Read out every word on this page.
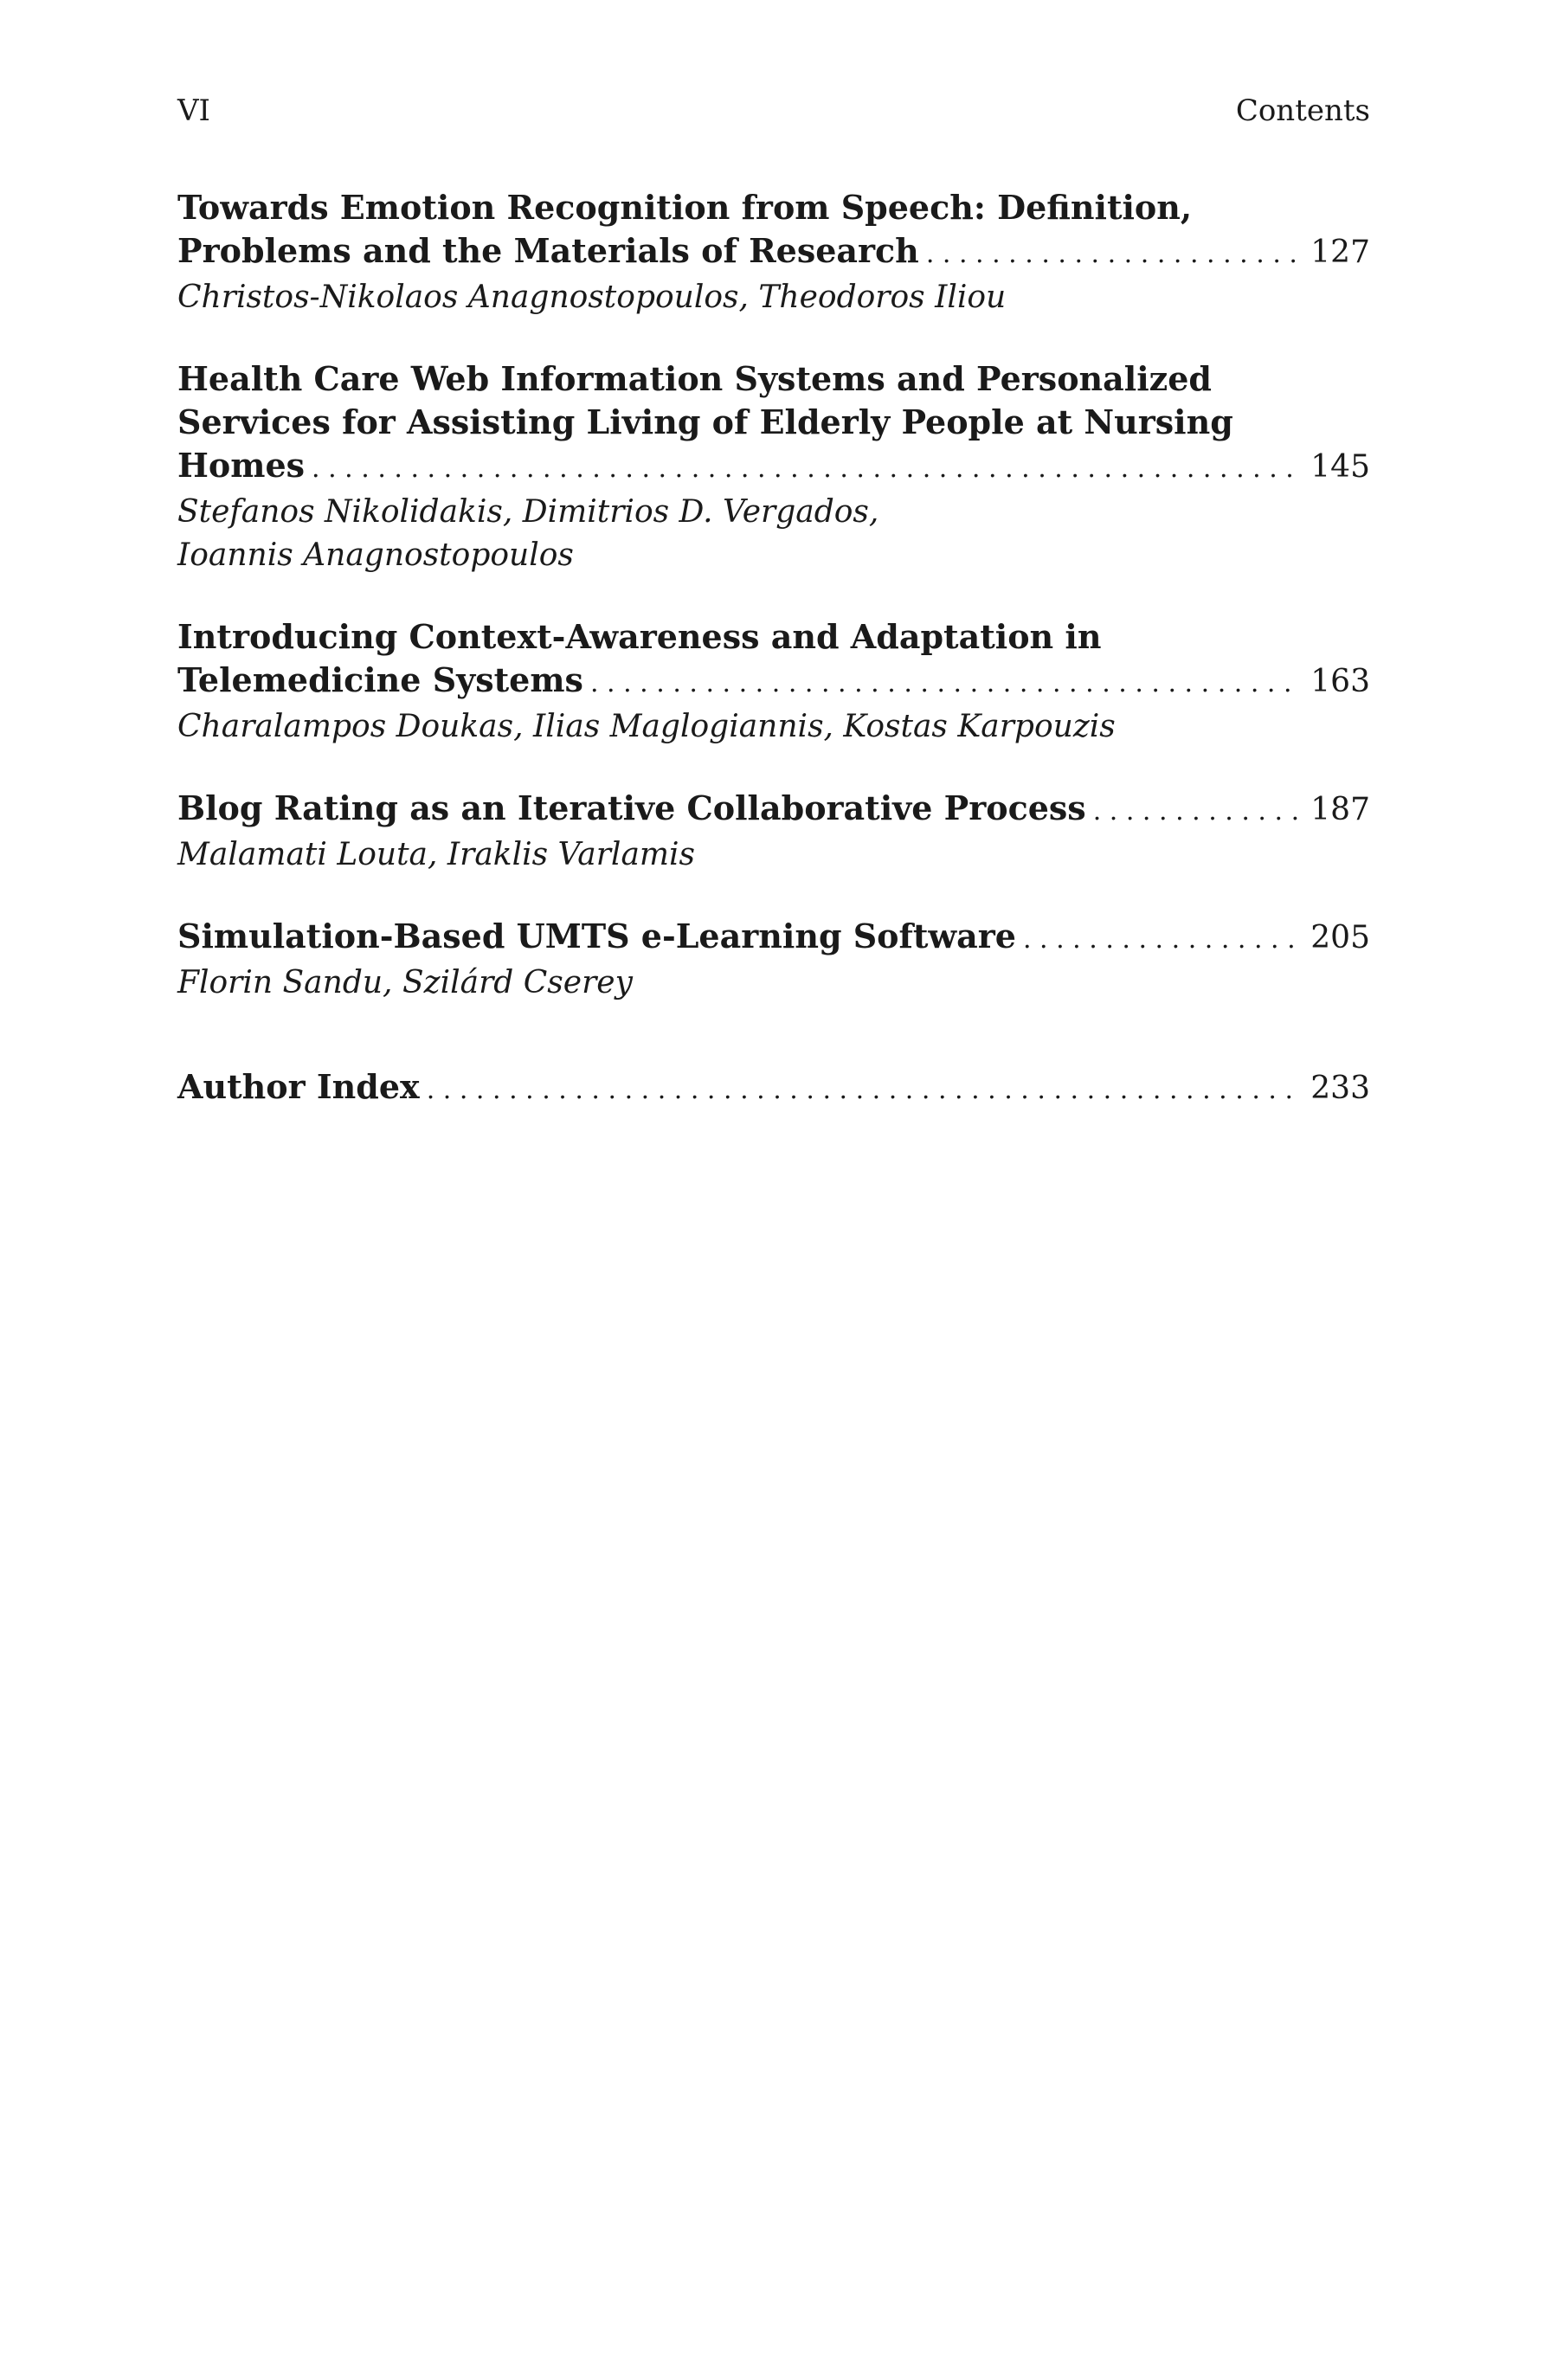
VI	Contents
Towards Emotion Recognition from Speech: Definition,
Problems and the Materials of Research . . .	127
Christos-Nikolaos Anagnostopoulos, Theodoros Iliou
Health Care Web Information Systems and Personalized
Services for Assisting Living of Elderly People at Nursing
Homes . . .	145
Stefanos Nikolidakis, Dimitrios D. Vergados,
Ioannis Anagnostopoulos
Introducing Context-Awareness and Adaptation in
Telemedicine Systems . . .	163
Charalampos Doukas, Ilias Maglogiannis, Kostas Karpouzis
Blog Rating as an Iterative Collaborative Process . . .	187
Malamati Louta, Iraklis Varlamis
Simulation-Based UMTS e-Learning Software . . .	205
Florin Sandu, Szilárd Cserey
Author Index . . .	233
